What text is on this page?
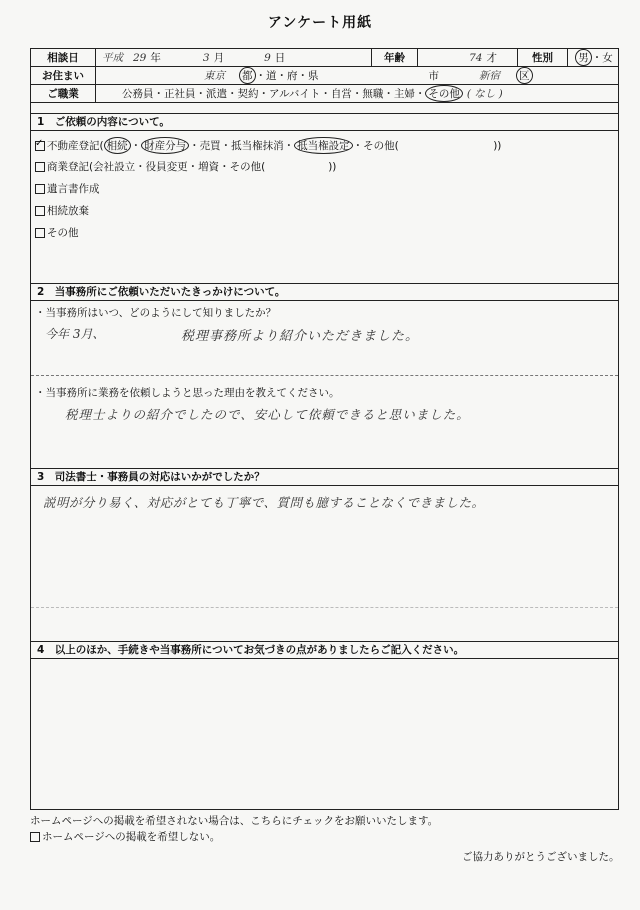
アンケート用紙
相談日	平成 29 年	3 月	9 日	年齢	74 才	性別	男 ・ 女
お住まい	東京 都 ・道・府・県	市	新宿 区
ご職業	公務員・正社員・派遣・契約・アルバイト・自営・無職・主婦・ その他 ( なし )
1　ご依頼の内容について。
✓
不動産登記( 相続 ・ 財産分与 ・売買・抵当権抹消・ 抵当権設定 ・その他(　　　　　　　　　))
商業登記(会社設立・役員変更・増資・その他(　　　　　　))
遺言書作成
相続放棄
その他
2　当事務所にご依頼いただいたきっかけについて。
・当事務所はいつ、どのようにして知りましたか？
今年 3月、	税理事務所より紹介いただきました。
・当事務所に業務を依頼しようと思った理由を教えてください。
税理士よりの紹介でしたので、安心して依頼できると思いました。
3　司法書士・事務員の対応はいかがでしたか？
説明が分り易く、対応がとても丁寧で、質問も臆することなくできました。
4　以上のほか、手続きや当事務所についてお気づきの点がありましたらご記入ください。
ホームページへの掲載を希望されない場合は、こちらにチェックをお願いいたします。
ホームページへの掲載を希望しない。
ご協力ありがとうございました。
